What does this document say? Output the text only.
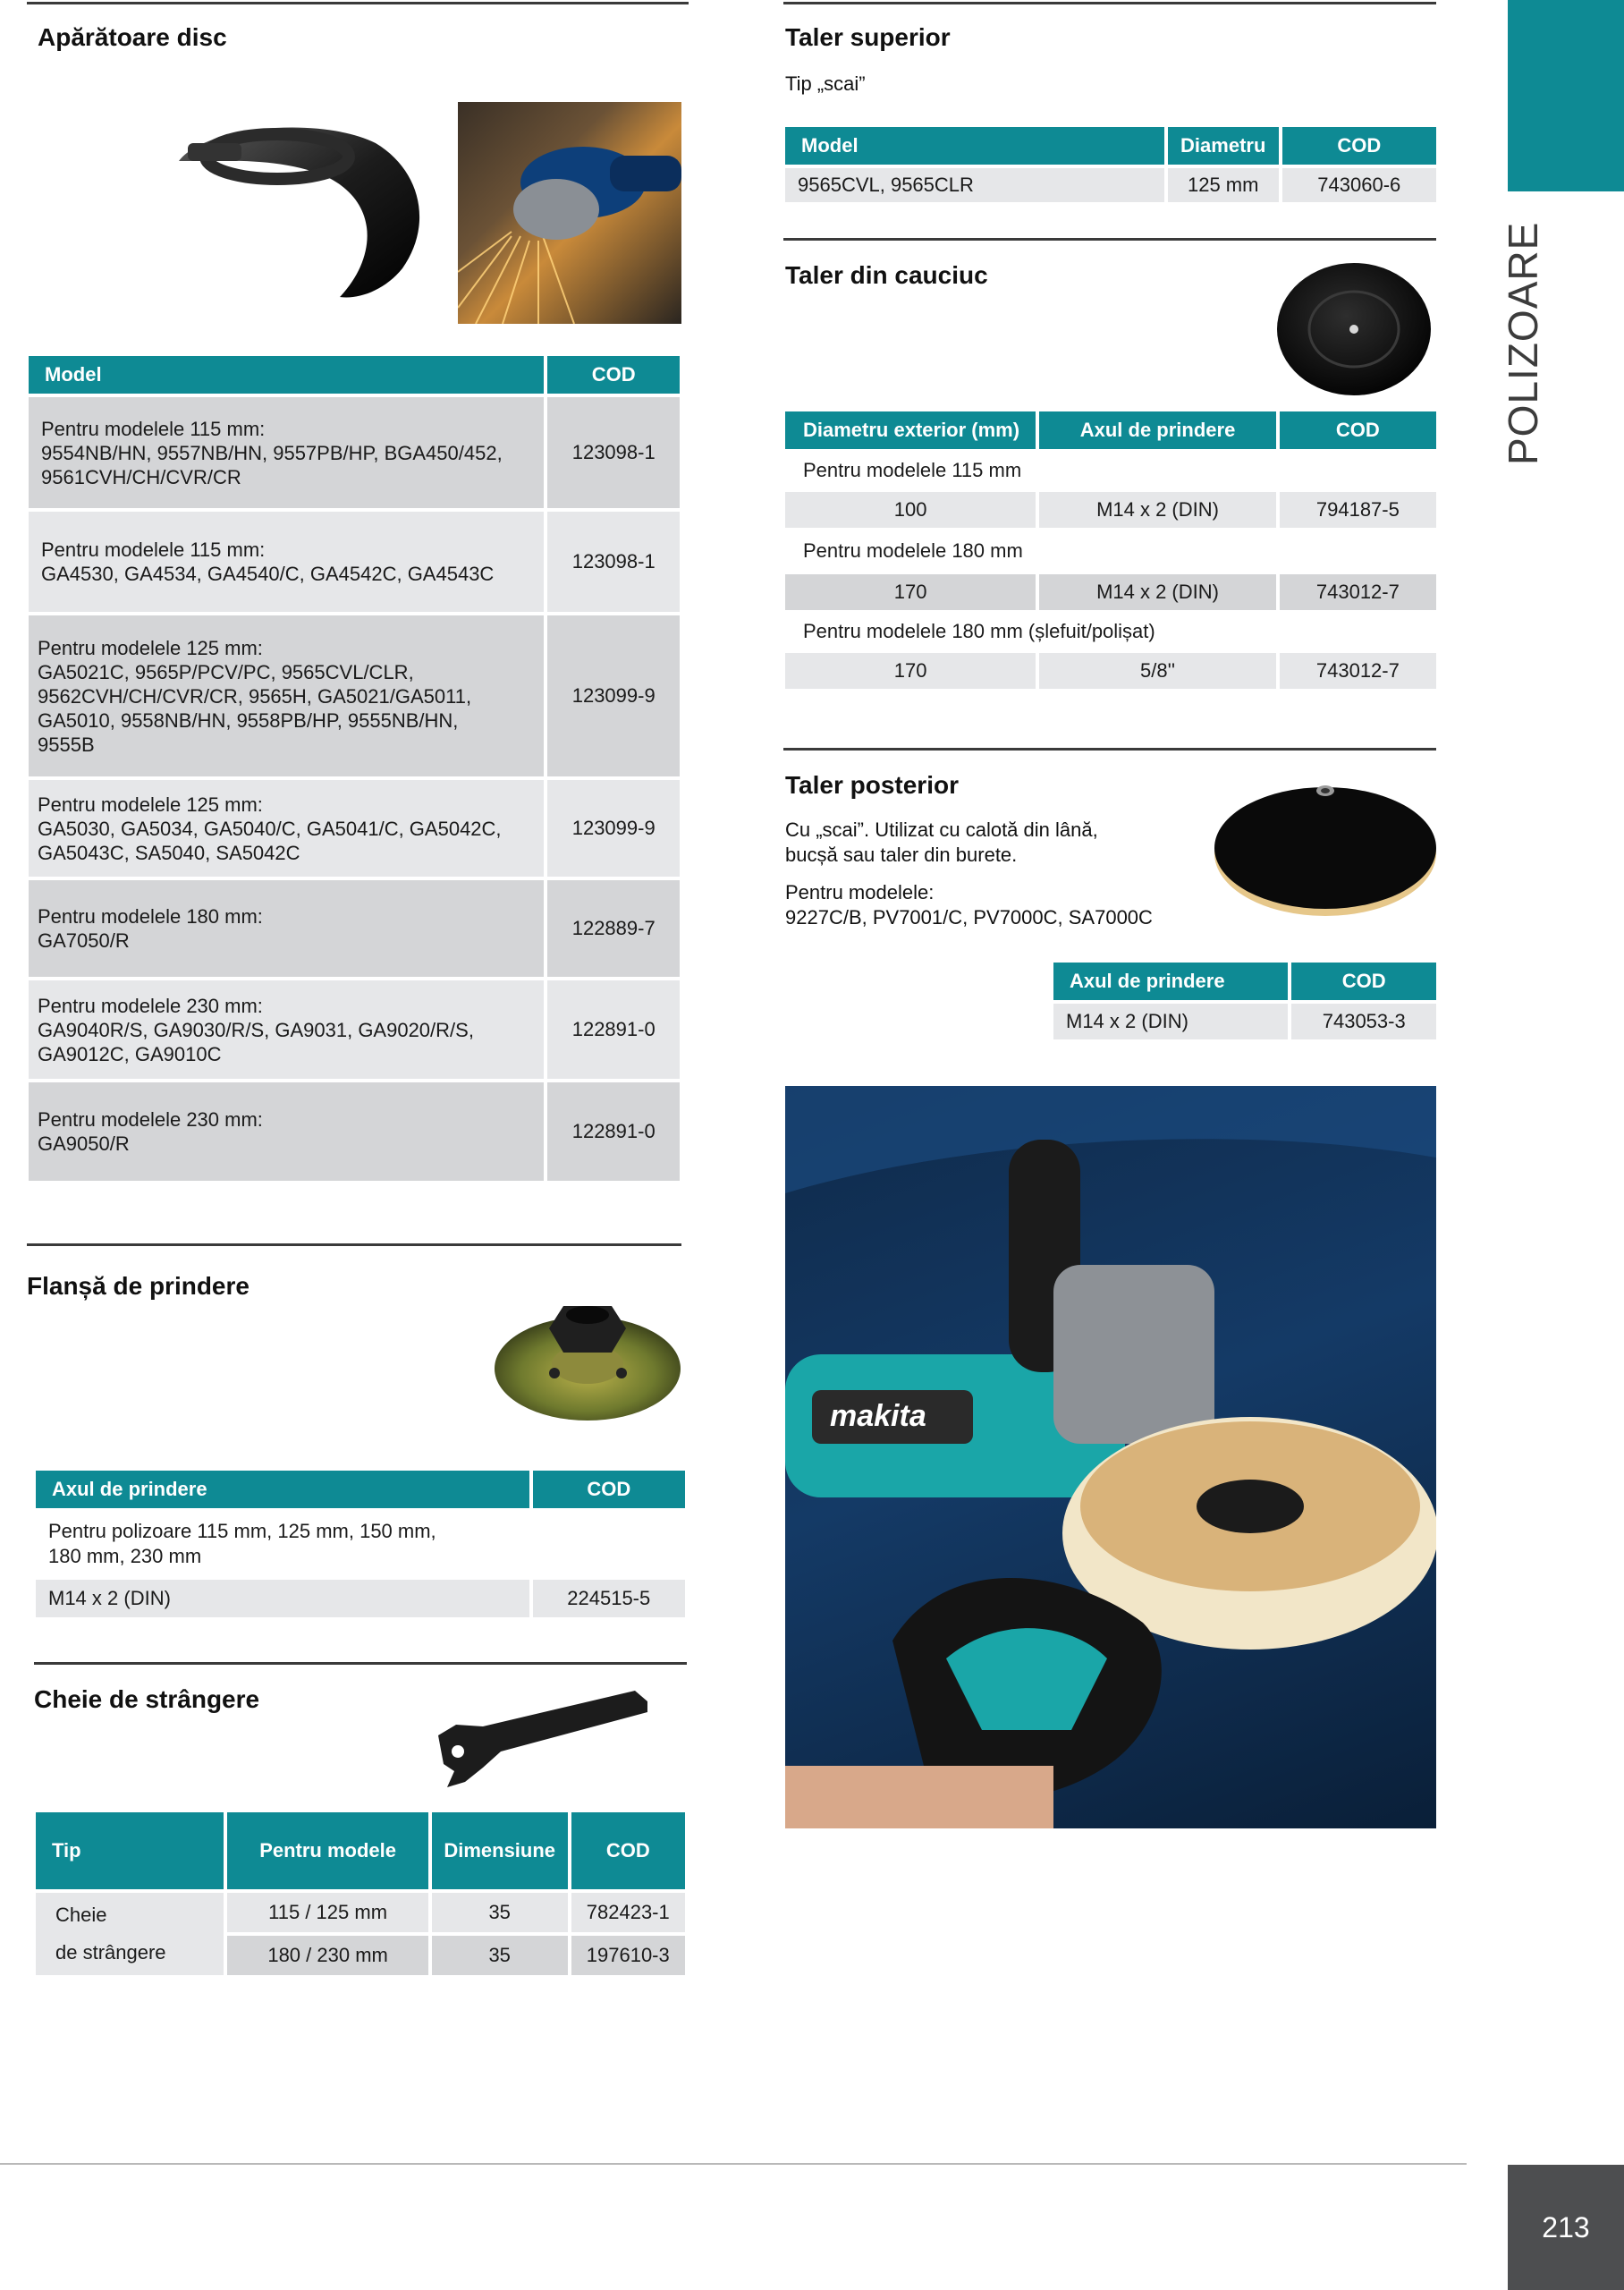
POLIZOARE
213
Apărătoare disc
Model	COD

Pentru modelele 115 mm:
9554NB/HN, 9557NB/HN, 9557PB/HP, BGA450/452,
9561CVH/CH/CVR/CR	123098-1

Pentru modelele 115 mm:
GA4530, GA4534, GA4540/C, GA4542C, GA4543C	123098-1

Pentru modelele 125 mm:
GA5021C, 9565P/PCV/PC, 9565CVL/CLR,
9562CVH/CH/CVR/CR, 9565H, GA5021/GA5011,
GA5010, 9558NB/HN, 9558PB/HP, 9555NB/HN,
9555B	123099-9

Pentru modelele 125 mm:
GA5030, GA5034, GA5040/C, GA5041/C, GA5042C,
GA5043C, SA5040, SA5042C	123099-9

Pentru modelele 180 mm:
GA7050/R	122889-7

Pentru modelele 230 mm:
GA9040R/S, GA9030/R/S, GA9031, GA9020/R/S,
GA9012C, GA9010C	122891-0

Pentru modelele 230 mm:
GA9050/R	122891-0
Flanșă de prindere
Axul de prindere	COD

Pentru polizoare 115 mm, 125 mm, 150 mm,
180 mm, 230 mm	

M14 x 2 (DIN)	224515-5
Cheie de strângere
Tip	Pentru modele	Dimensiune	COD

Cheie
de strângere	115 / 125 mm	35	782423-1
	180 / 230 mm	35	197610-3
Taler superior
Tip „scai”
Model	Diametru	COD
9565CVL, 9565CLR	125 mm	743060-6
Taler din cauciuc
Diametru exterior (mm)	Axul de prindere	COD
Pentru modelele 115 mm		
100	M14 x 2 (DIN)	794187-5
Pentru modelele 180 mm		
170	M14 x 2 (DIN)	743012-7
Pentru modelele 180 mm (șlefuit/polișat)		
170	5/8''	743012-7
Taler posterior
Cu „scai”. Utilizat cu calotă din lână,
bucșă sau taler din burete.
Pentru modelele:
9227C/B, PV7001/C, PV7000C, SA7000C
Axul de prindere	COD
M14 x 2 (DIN)	743053-3
makita
